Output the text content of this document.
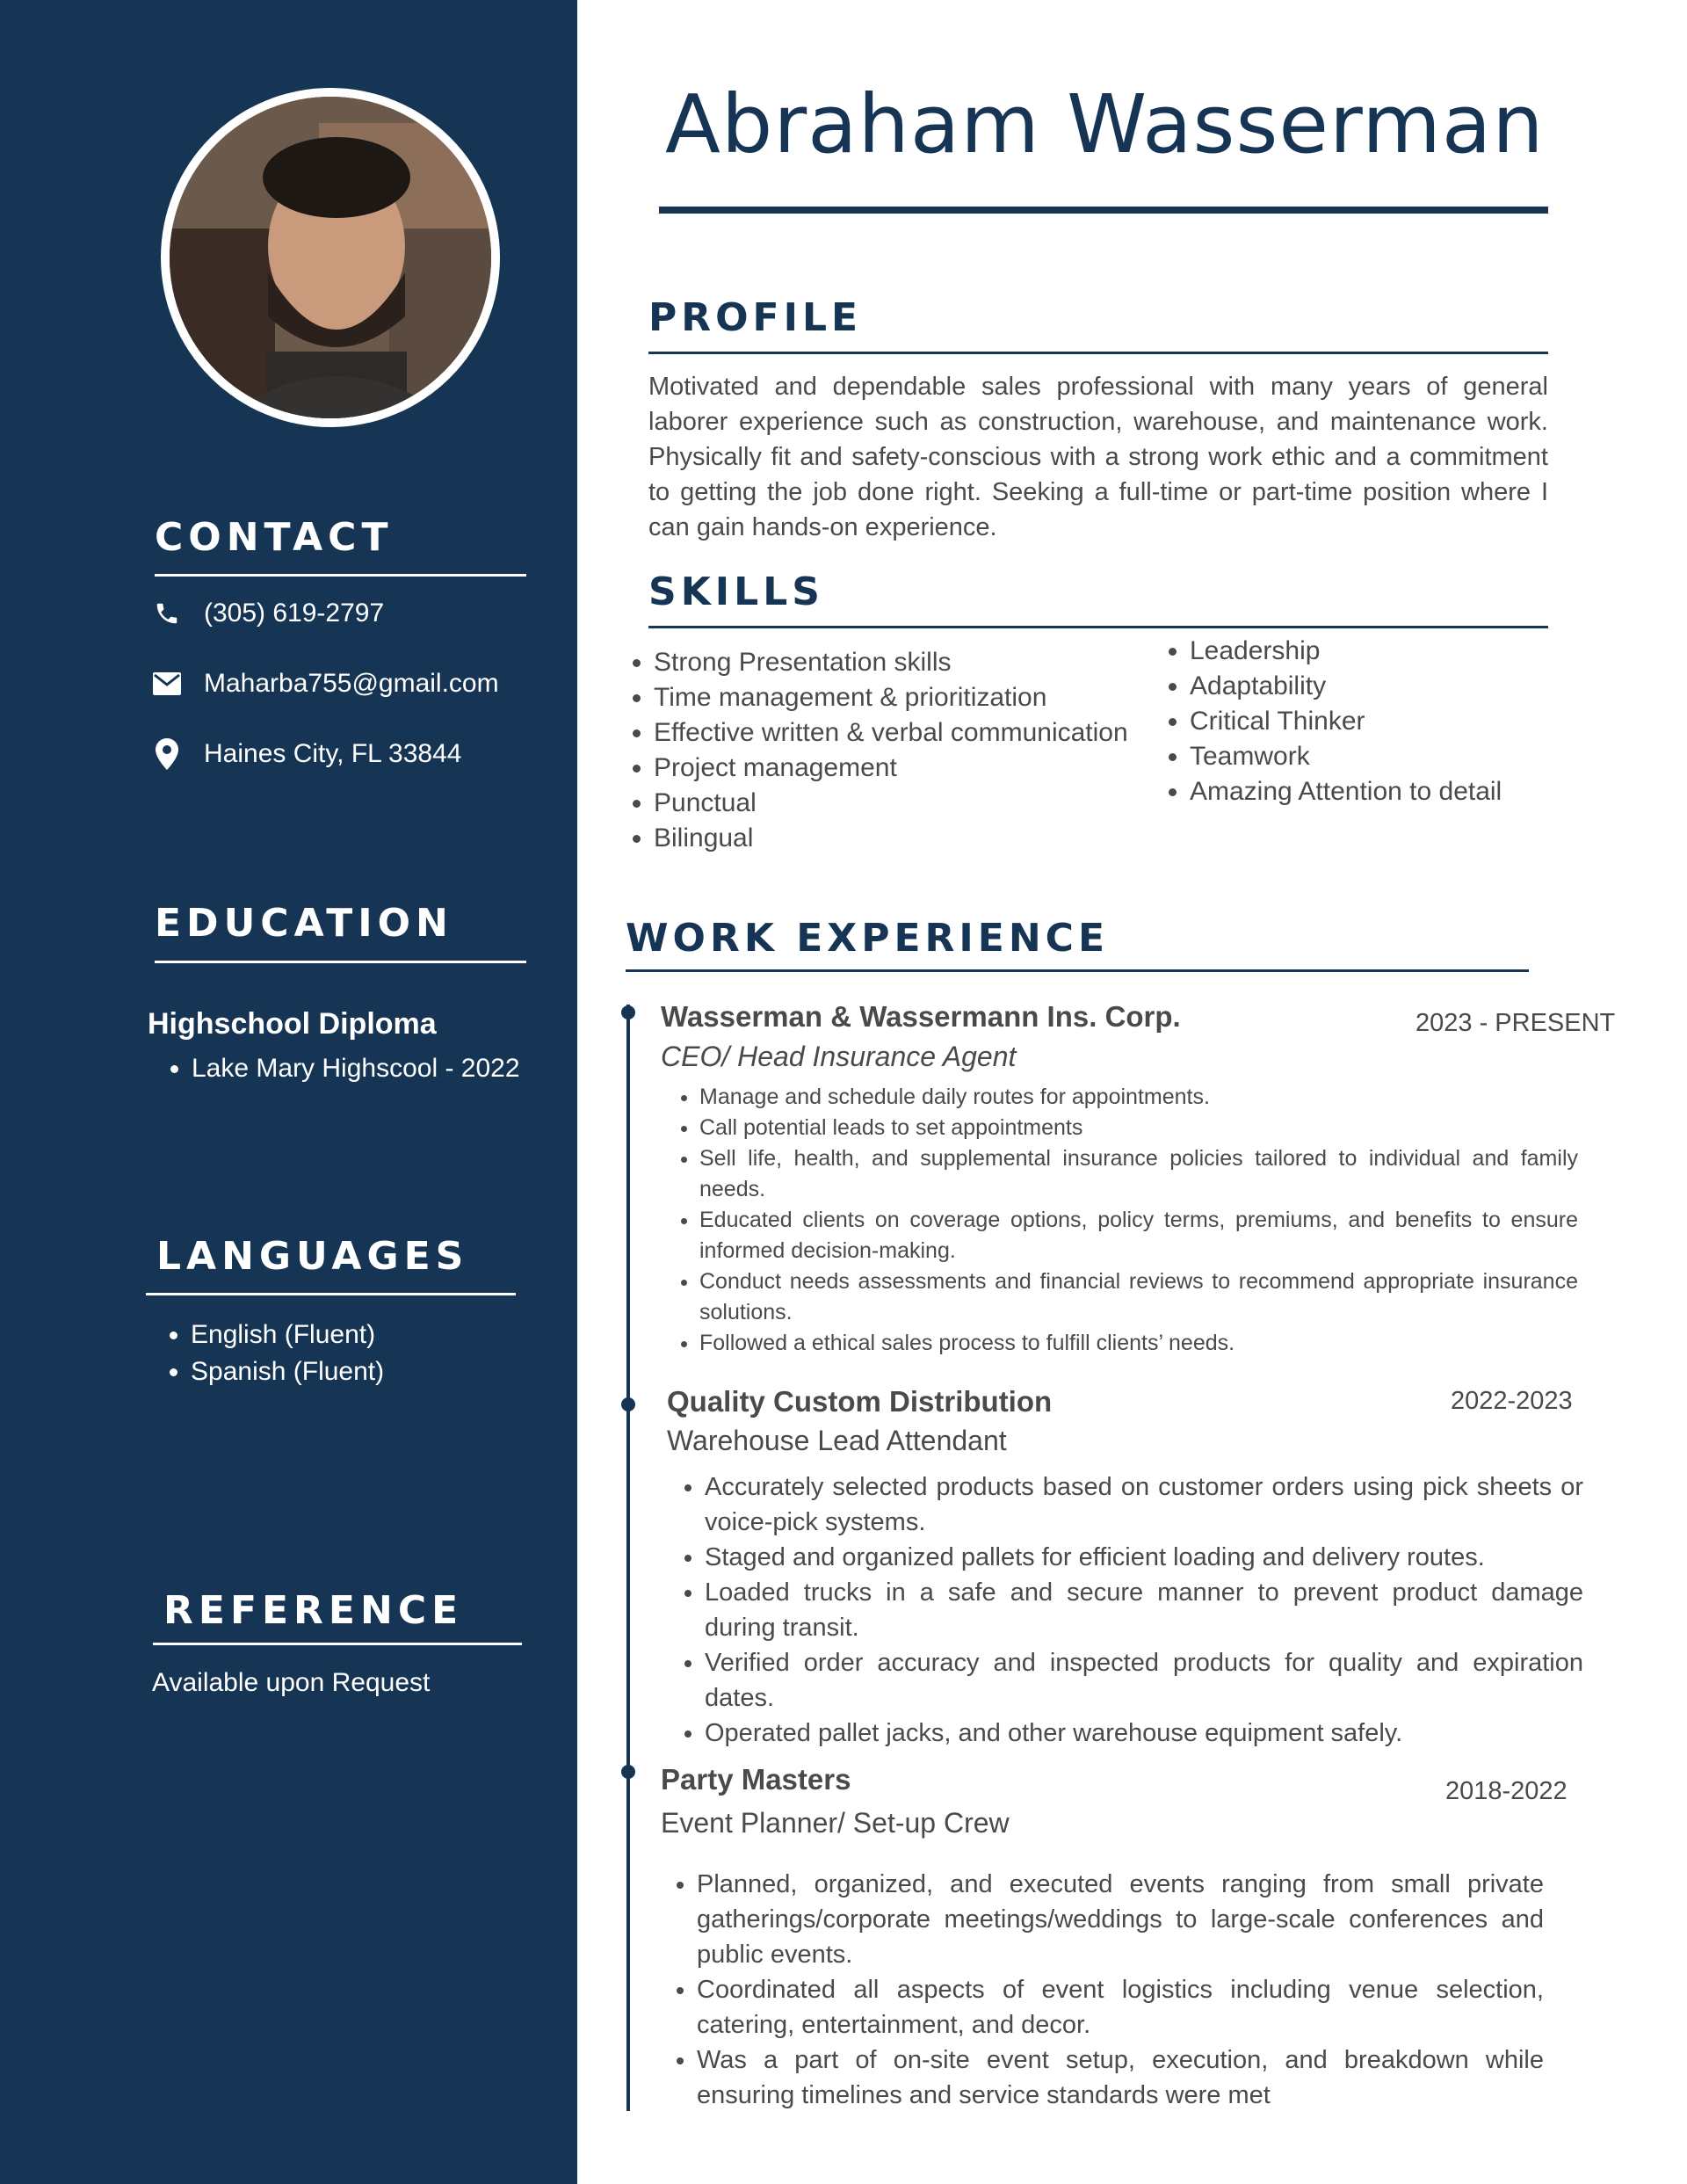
CONTACT
(305) 619-2797
Maharba755@gmail.com
Haines City, FL 33844
EDUCATION
Highschool Diploma
• Lake Mary Highscool - 2022
LANGUAGES
• English (Fluent)
• Spanish (Fluent)
REFERENCE
Available upon Request
Abraham Wasserman
PROFILE

Motivated and dependable sales professional with many years of general laborer experience such as construction, warehouse, and maintenance work. Physically fit and safety-conscious with a strong work ethic and a commitment to getting the job done right. Seeking a full-time or part-time position where I can gain hands-on experience.

SKILLS
• Strong Presentation skills
• Time management & prioritization
• Effective written & verbal communication
• Project management
• Punctual
• Bilingual
• Leadership
• Adaptability
• Critical Thinker
• Teamwork
• Amazing Attention to detail
WORK EXPERIENCE
Wasserman & Wassermann Ins. Corp.	2023 - PRESENT
CEO/ Head Insurance Agent
• Manage and schedule daily routes for appointments.
• Call potential leads to set appointments
• Sell life, health, and supplemental insurance policies tailored to individual and family needs.
• Educated clients on coverage options, policy terms, premiums, and benefits to ensure informed decision-making.
• Conduct needs assessments and financial reviews to recommend appropriate insurance solutions.
• Followed a ethical sales process to fulfill clients’ needs.
Quality Custom Distribution	2022-2023
Warehouse Lead Attendant
• Accurately selected products based on customer orders using pick sheets or voice-pick systems.
• Staged and organized pallets for efficient loading and delivery routes.
• Loaded trucks in a safe and secure manner to prevent product damage during transit.
• Verified order accuracy and inspected products for quality and expiration dates.
• Operated pallet jacks, and other warehouse equipment safely.
Party Masters	2018-2022
Event Planner/ Set-up Crew
• Planned, organized, and executed events ranging from small private gatherings/corporate meetings/weddings to large-scale conferences and public events.
• Coordinated all aspects of event logistics including venue selection, catering, entertainment, and decor.
• Was a part of on-site event setup, execution, and breakdown while ensuring timelines and service standards were met
